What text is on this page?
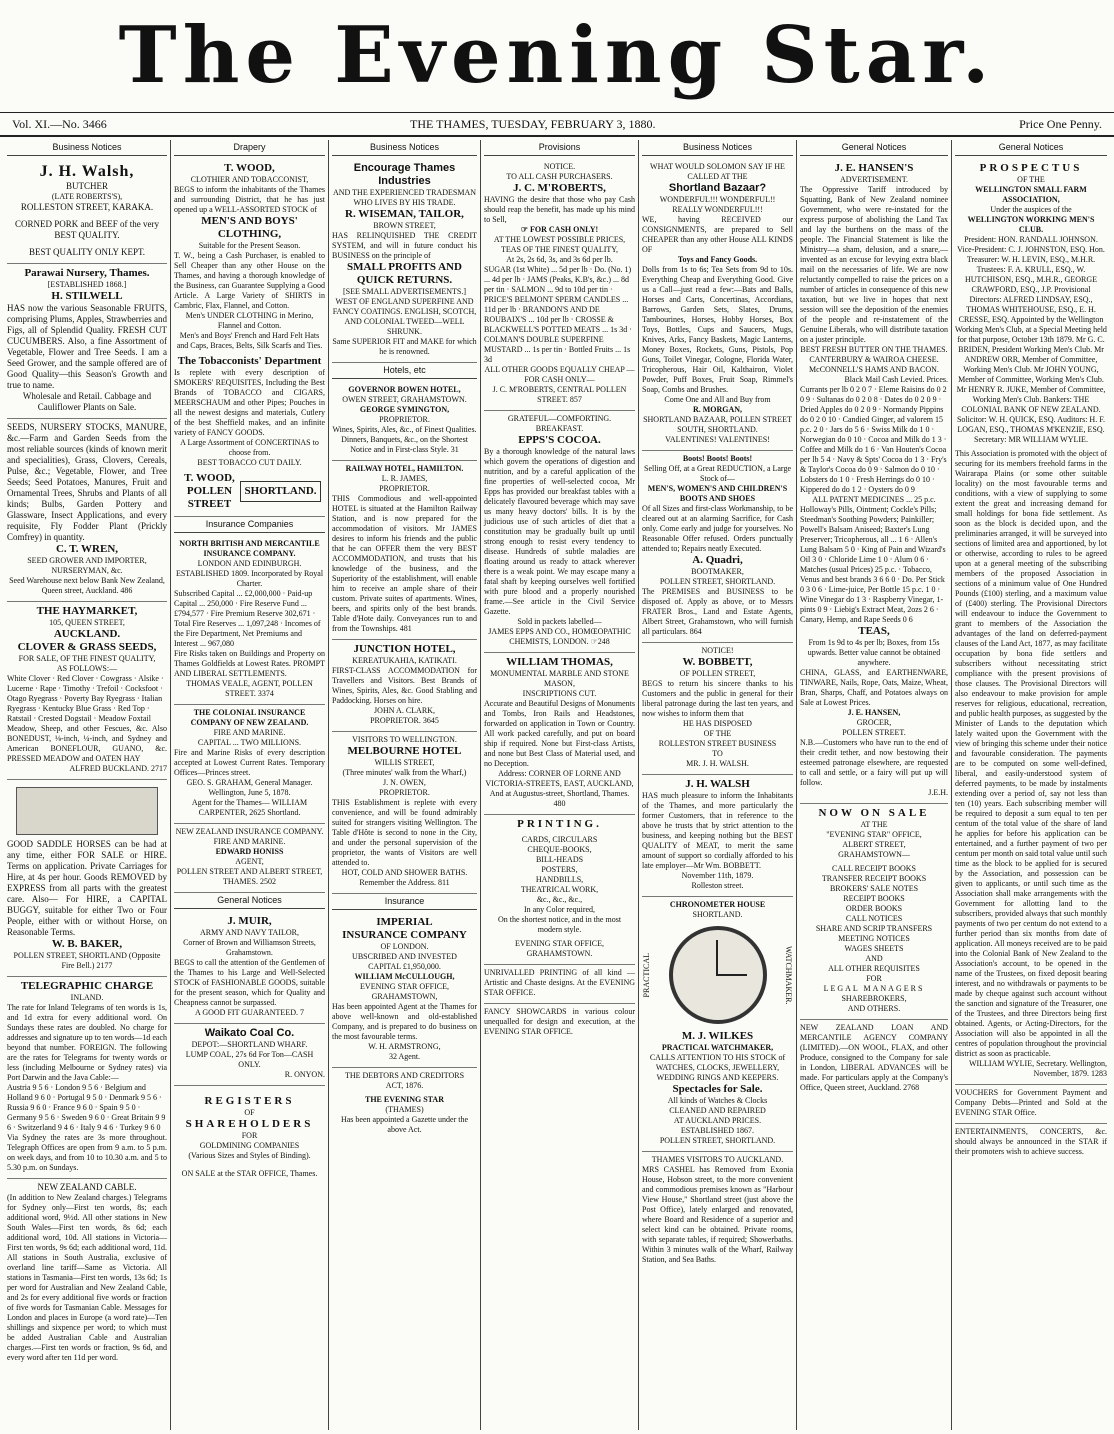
The Evening Star.
Vol. XI.—No. 3466	THE THAMES, TUESDAY, FEBRUARY 3, 1880.	Price One Penny.
Business Notices
J. H. Walsh,
BUTCHER
(LATE ROBERTS'S),
ROLLESTON STREET, KARAKA.
CORNED PORK and BEEF of the very BEST QUALITY.
BEST QUALITY ONLY KEPT.
Parawai Nursery, Thames.
[ESTABLISHED 1868.]
H. STILWELL
HAS now the various Seasonable FRUITS, comprising Plums, Apples, Strawberries and Figs, all of Splendid Quality. FRESH CUT CUCUMBERS. Also, a fine Assortment of Vegetable, Flower and Tree Seeds. I am a Seed Grower, and the sample offered are of Good Quality—this Season's Growth and true to name.
Wholesale and Retail. Cabbage and Cauliflower Plants on Sale.
SEEDS, NURSERY STOCKS, MANURE, &c.—Farm and Garden Seeds from the most reliable sources (kinds of known merit and specialities), Grass, Clovers, Cereals, Pulse, &c.; Vegetable, Flower, and Tree Seeds; Seed Potatoes, Manures, Fruit and Ornamental Trees, Shrubs and Plants of all kinds; Bulbs, Garden Pottery and Glassware, Insect Applications, and every requisite, Fly Fodder Plant (Prickly Comfrey) in quantity.
C. T. WREN,
SEED GROWER AND IMPORTER, NURSERYMAN, &c.
Seed Warehouse next below Bank New Zealand, Queen street, Auckland. 486
THE HAYMARKET,
105, QUEEN STREET,
AUCKLAND.
CLOVER & GRASS SEEDS,
FOR SALE, OF THE FINEST QUALITY,
AS FOLLOWS:—
White Clover · Red Clover · Cowgrass · Alsike · Lucerne · Rape · Timothy · Trefoil · Cocksfoot · Otago Ryegrass · Poverty Bay Ryegrass · Italian Ryegrass · Kentucky Blue Grass · Red Top · Ratstail · Crested Dogstail · Meadow Foxtail
Meadow, Sheep, and other Fescues, &c. Also BONEDUST, ⅛-inch, ¼-inch, and Sydney and American BONEFLOUR, GUANO, &c. PRESSED MEADOW and OATEN HAY
ALFRED BUCKLAND. 2717
GOOD SADDLE HORSES can be had at any time, either FOR SALE or HIRE. Terms on application. Private Carriages for Hire, at 4s per hour. Goods REMOVED by EXPRESS from all parts with the greatest care. Also— For HIRE, a CAPITAL BUGGY, suitable for either Two or Four People, either with or without Horse, on Reasonable Terms.
W. B. BAKER,
POLLEN STREET, SHORTLAND (Opposite Fire Bell.) 2177
TELEGRAPHIC CHARGE
INLAND.
The rate for Inland Telegrams of ten words is 1s, and 1d extra for every additional word. On Sundays these rates are doubled. No charge for addresses and signature up to ten words—1d each beyond that number. FOREIGN. The following are the rates for Telegrams for twenty words or less (including Melbourne or Sydney rates) via Port Darwin and the Java Cable:—
Austria 9 5 6 · London 9 5 6 · Belgium and Holland 9 6 0 · Portugal 9 5 0 · Denmark 9 5 6 · Russia 9 6 0 · France 9 6 0 · Spain 9 5 0 · Germany 9 5 6 · Sweden 9 6 0 · Great Britain 9 9 6 · Switzerland 9 4 6 · Italy 9 4 6 · Turkey 9 6 0
Via Sydney the rates are 3s more throughout. Telegraph Offices are open from 9 a.m. to 5 p.m. on week days, and from 10 to 10.30 a.m. and 5 to 5.30 p.m. on Sundays.
NEW ZEALAND CABLE.
(In addition to New Zealand charges.) Telegrams for Sydney only—First ten words, 8s; each additional word, 9½d. All other stations in New South Wales—First ten words, 8s 6d; each additional word, 10d. All stations in Victoria—First ten words, 9s 6d; each additional word, 11d. All stations in South Australia, exclusive of overland line tariff—Same as Victoria. All stations in Tasmania—First ten words, 13s 6d; 1s per word for Australian and New Zealand Cable, and 2s for every additional five words or fraction of five words for Tasmanian Cable. Messages for London and places in Europe (a word rate)—Ten shillings and sixpence per word; to which must be added Australian Cable and Australian charges.—First ten words or fraction, 9s 6d, and every word after ten 11d per word.
Drapery
T. WOOD,
CLOTHIER AND TOBACCONIST,
BEGS to inform the inhabitants of the Thames and surrounding District, that he has just opened up a WELL-ASSORTED STOCK of
MEN'S AND BOYS' CLOTHING,
Suitable for the Present Season.
T. W., being a Cash Purchaser, is enabled to Sell Cheaper than any other House on the Thames, and having a thorough knowledge of the Business, can Guarantee Supplying a Good Article. A Large Variety of SHIRTS in Cambric, Flax, Flannel, and Cotton.
Men's UNDER CLOTHING in Merino, Flannel and Cotton.
Men's and Boys' French and Hard Felt Hats and Caps, Braces, Belts, Silk Scarfs and Ties.
The Tobacconists' Department
Is replete with every description of SMOKERS' REQUISITES, Including the Best Brands of TOBACCO and CIGARS, MEERSCHAUM and other Pipes; Pouches in all the newest designs and materials, Cutlery of the best Sheffield makes, and an infinite variety of FANCY GOODS.
A Large Assortment of CONCERTINAS to choose from.
BEST TOBACCO CUT DAILY.
T. WOOD, POLLEN STREET
SHORTLAND.
Insurance Companies
NORTH BRITISH AND MERCANTILE INSURANCE COMPANY.
LONDON AND EDINBURGH.
ESTABLISHED 1809. Incorporated by Royal Charter.
Subscribed Capital ... £2,000,000 · Paid-up Capital ... 250,000 · Fire Reserve Fund ... £794,577 · Fire Premium Reserve 302,671 · Total Fire Reserves ... 1,097,248 · Incomes of the Fire Department, Net Premiums and Interest ... 967,080
Fire Risks taken on Buildings and Property on Thames Goldfields at Lowest Rates. PROMPT AND LIBERAL SETTLEMENTS.
THOMAS VEALE, AGENT, POLLEN STREET. 3374
THE COLONIAL INSURANCE COMPANY OF NEW ZEALAND.
FIRE AND MARINE.
CAPITAL ... TWO MILLIONS.
Fire and Marine Risks of every description accepted at Lowest Current Rates. Temporary Offices—Princes street.
GEO. S. GRAHAM, General Manager. Wellington, June 5, 1878.
Agent for the Thames— WILLIAM CARPENTER, 2625 Shortland.
NEW ZEALAND INSURANCE COMPANY.
FIRE AND MARINE.
EDWARD HONISS
AGENT,
POLLEN STREET AND ALBERT STREET, THAMES. 2502
General Notices
J. MUIR,
ARMY AND NAVY TAILOR,
Corner of Brown and Williamson Streets, Grahamstown.
BEGS to call the attention of the Gentlemen of the Thames to his Large and Well-Selected STOCK of FASHIONABLE GOODS, suitable for the present season, which for Quality and Cheapness cannot be surpassed.
A GOOD FIT GUARANTEED. 7
Waikato Coal Co.
DEPOT:—SHORTLAND WHARF.
LUMP COAL, 27s 6d For Ton—CASH ONLY.
R. ONYON.
REGISTERS
OF
SHAREHOLDERS
FOR
GOLDMINING COMPANIES
(Various Sizes and Styles of Binding).
ON SALE at the STAR OFFICE, Thames.
Business Notices
Encourage Thames Industries
AND THE EXPERIENCED TRADESMAN
WHO LIVES BY HIS TRADE.
R. WISEMAN, TAILOR,
BROWN STREET,
HAS RELINQUISHED THE CREDIT SYSTEM, and will in future conduct his BUSINESS on the principle of
SMALL PROFITS AND QUICK RETURNS.
[SEE SMALL ADVERTISEMENTS.]
WEST OF ENGLAND SUPERFINE AND FANCY COATINGS. ENGLISH, SCOTCH, AND COLONIAL TWEED—WELL SHRUNK.
Same SUPERIOR FIT and MAKE for which he is renowned.
Hotels, etc
GOVERNOR BOWEN HOTEL,
OWEN STREET, GRAHAMSTOWN.
GEORGE SYMINGTON,
PROPRIETOR.
Wines, Spirits, Ales, &c., of Finest Qualities.
Dinners, Banquets, &c., on the Shortest Notice and in First-class Style. 31
RAILWAY HOTEL, HAMILTON.
L. R. JAMES,
PROPRIETOR.
THIS Commodious and well-appointed HOTEL is situated at the Hamilton Railway Station, and is now prepared for the accommodation of visitors. Mr JAMES desires to inform his friends and the public that he can OFFER them the very BEST ACCOMMODATION, and trusts that his knowledge of the business, and the Superiority of the establishment, will enable him to receive an ample share of their custom. Private suites of apartments. Wines, beers, and spirits only of the best brands. Table d'Hote daily. Conveyances run to and from the Townships. 481
JUNCTION HOTEL,
KEREATUKAHIA, KATIKATI.
FIRST-CLASS ACCOMMODATION for Travellers and Visitors. Best Brands of Wines, Spirits, Ales, &c. Good Stabling and Paddocking. Horses on hire.
JOHN A. CLARK,
PROPRIETOR. 3645
VISITORS TO WELLINGTON.
MELBOURNE HOTEL
WILLIS STREET,
(Three minutes' walk from the Wharf,)
J. N. OWEN,
PROPRIETOR.
THIS Establishment is replete with every convenience, and will be found admirably suited for strangers visiting Wellington. The Table d'Hôte is second to none in the City, and under the personal supervision of the proprietor, the wants of Visitors are well attended to.
HOT, COLD AND SHOWER BATHS. Remember the Address. 811
Insurance
IMPERIAL
INSURANCE COMPANY
OF LONDON.
UBSCRIBED AND INVESTED
CAPITAL £1,950,000.
WILLIAM McCULLOUGH,
EVENING STAR OFFICE,
GRAHAMSTOWN,
Has been appointed Agent at the Thames for above well-known and old-established Company, and is prepared to do business on the most favourable terms.
W. H. ARMSTRONG,
32 Agent.
THE DEBTORS AND CREDITORS
ACT, 1876.
THE EVENING STAR
(THAMES)
Has been appointed a Gazette under the above Act.
Provisions
NOTICE.
TO ALL CASH PURCHASERS.
J. C. M'ROBERTS,
HAVING the desire that those who pay Cash should reap the benefit, has made up his mind to Sell,
☞ FOR CASH ONLY!
AT THE LOWEST POSSIBLE PRICES,
TEAS OF THE FINEST QUALITY,
At 2s, 2s 6d, 3s, and 3s 6d per lb.
SUGAR (1st White) ... 5d per lb · Do. (No. 1) ... 4d per lb · JAMS (Peaks, K.B's, &c.) ... 8d per tin · SALMON ... 9d to 10d per tin · PRICE'S BELMONT SPERM CANDLES ... 11d per lb · BRANDON'S AND DE ROUBAIX'S ... 10d per lb · CROSSE & BLACKWELL'S POTTED MEATS ... 1s 3d · COLMAN'S DOUBLE SUPERFINE MUSTARD ... 1s per tin · Bottled Fruits ... 1s 3d
ALL OTHER GOODS EQUALLY CHEAP —FOR CASH ONLY—
J. C. M'ROBERTS, CENTRAL POLLEN STREET. 857
GRATEFUL—COMFORTING.
BREAKFAST.
EPPS'S COCOA.
By a thorough knowledge of the natural laws which govern the operations of digestion and nutrition, and by a careful application of the fine properties of well-selected cocoa, Mr Epps has provided our breakfast tables with a delicately flavoured beverage which may save us many heavy doctors' bills. It is by the judicious use of such articles of diet that a constitution may be gradually built up until strong enough to resist every tendency to disease. Hundreds of subtle maladies are floating around us ready to attack wherever there is a weak point. We may escape many a fatal shaft by keeping ourselves well fortified with pure blood and a properly nourished frame.—See article in the Civil Service Gazette.
Sold in packets labelled—
JAMES EPPS AND CO., HOMŒOPATHIC CHEMISTS, LONDON. ☞248
WILLIAM THOMAS,
MONUMENTAL MARBLE AND STONE MASON,
INSCRIPTIONS CUT.
Accurate and Beautiful Designs of Monuments and Tombs, Iron Rails and Headstones, forwarded on application in Town or Country. All work packed carefully, and put on board ship if required. None but First-class Artists, and none but Best Class of Material used, and no Deception.
Address: CORNER OF LORNE AND VICTORIA-STREETS, EAST, AUCKLAND, And at Augustus-street, Shortland, Thames. 480
PRINTING.
CARDS, CIRCULARS
CHEQUE-BOOKS,
BILL-HEADS
POSTERS,
HANDBILLS,
THEATRICAL WORK,
&c., &c., &c.,
In any Color required,
On the shortest notice, and in the most
modern style.
EVENING STAR OFFICE,
GRAHAMSTOWN.
UNRIVALLED PRINTING of all kind —Artistic and Chaste designs. At the EVENING STAR OFFICE.
FANCY SHOWCARDS in various colour unequalled for design and execution, at the EVENING STAR OFFICE.
Business Notices
WHAT WOULD SOLOMON SAY IF HE CALLED AT THE
Shortland Bazaar?
WONDERFUL!!! WONDERFUL!!
REALLY WONDERFUL!!!
WE, having RECEIVED our CONSIGNMENTS, are prepared to Sell CHEAPER than any other House ALL KINDS OF
Toys and Fancy Goods.
Dolls from 1s to 6s; Tea Sets from 9d to 10s. Everything Cheap and Everything Good. Give us a Call—just read a few:—Bats and Balls, Horses and Carts, Concertinas, Accordians, Barrows, Garden Sets, Slates, Drums, Tambourines, Horses, Hobby Horses, Box Toys, Bottles, Cups and Saucers, Mugs, Knives, Arks, Fancy Baskets, Magic Lanterns, Money Boxes, Rockets, Guns, Pistols, Pop Guns, Toilet Vinegar, Cologne, Florida Water, Tricopherous, Hair Oil, Kalthairon, Violet Powder, Puff Boxes, Fruit Soap, Rimmel's Soap, Combs and Brushes.
Come One and All and Buy from
R. MORGAN,
SHORTLAND BAZAAR, POLLEN STREET SOUTH, SHORTLAND.
VALENTINES! VALENTINES!
Boots! Boots! Boots!
Selling Off, at a Great REDUCTION, a Large Stock of—
MEN'S, WOMEN'S AND CHILDREN'S BOOTS AND SHOES
Of all Sizes and first-class Workmanship, to be cleared out at an alarming Sacrifice, for Cash only. Come early and judge for yourselves. No Reasonable Offer refused. Orders punctually attended to; Repairs neatly Executed.
A. Quadri,
BOOTMAKER,
POLLEN STREET, SHORTLAND.
The PREMISES and BUSINESS to be disposed of. Apply as above, or to Messrs FRATER Bros., Land and Estate Agents, Albert Street, Grahamstown, who will furnish all particulars. 864
NOTICE!
W. BOBBETT,
OF POLLEN STREET,
BEGS to return his sincere thanks to his Customers and the public in general for their liberal patronage during the last ten years, and now wishes to inform them that
HE HAS DISPOSED
OF THE
ROLLESTON STREET BUSINESS
TO
MR. J. H. WALSH.
J. H. WALSH
HAS much pleasure to inform the Inhabitants of the Thames, and more particularly the former Customers, that in reference to the above he trusts that by strict attention to the business, and keeping nothing but the BEST QUALITY of MEAT, to merit the same amount of support so cordially afforded to his late employer—Mr Wm. BOBBETT.
November 11th, 1879.
Rolleston street.
CHRONOMETER HOUSE
SHORTLAND.
PRACTICAL	WATCHMAKER.
M. J. WILKES
PRACTICAL WATCHMAKER,
CALLS ATTENTION TO HIS STOCK of WATCHES, CLOCKS, JEWELLERY, WEDDING RINGS AND KEEPERS.
Spectacles for Sale.
All kinds of Watches & Clocks
CLEANED AND REPAIRED
AT AUCKLAND PRICES.
ESTABLISHED 1867.
POLLEN STREET, SHORTLAND.
THAMES VISITORS TO AUCKLAND.
MRS CASHEL has Removed from Exonia House, Hobson street, to the more convenient and commodious premises known as "Harbour View House," Shortland street (just above the Post Office), lately enlarged and renovated, where Board and Residence of a superior and select kind can be obtained. Private rooms, with separate tables, if required; Showerbaths. Within 3 minutes walk of the Wharf, Railway Station, and Sea Baths.
General Notices
J. E. HANSEN'S
ADVERTISEMENT.
The Oppressive Tariff introduced by Squatting, Bank of New Zealand nominee Government, who were re-instated for the express purpose of abolishing the Land Tax and lay the burthens on the mass of the people. The Financial Statement is like the Ministry—a sham, delusion, and a snare,—invented as an excuse for levying extra black mail on the necessaries of life. We are now reluctantly compelled to raise the prices on a number of articles in consequence of this new taxation, but we live in hopes that next session will see the deposition of the enemies of the people and re-instatement of the Genuine Liberals, who will distribute taxation on a juster principle.
BEST FRESH BUTTER ON THE THAMES. CANTERBURY & WAIROA CHEESE. McCONNELL'S HAMS AND BACON.
Black Mail Cash Levied. Prices.
Currants per lb 0 2 0 7 · Eleme Raisins do 0 2 0 9 · Sultanas do 0 2 0 8 · Dates do 0 2 0 9 · Dried Apples do 0 2 0 9 · Normandy Pippins do 0 2 0 10 · Candied Ginger, ad valorem 15 p.c. 2 0 · Jars do 5 6 · Swiss Milk do 1 0 · Norwegian do 0 10 · Cocoa and Milk do 1 3 · Coffee and Milk do 1 6 · Van Houten's Cocoa per lb 5 4 · Navy & Spts' Cocoa do 1 3 · Fry's & Taylor's Cocoa do 0 9 · Salmon do 0 10 · Lobsters do 1 0 · Fresh Herrings do 0 10 · Kippered do do 1 2 · Oysters do 0 9
ALL PATENT MEDICINES ... 25 p.c.
Holloway's Pills, Ointment; Cockle's Pills; Steedman's Soothing Powders; Painkiller; Powell's Balsam Aniseed; Baxter's Lung Preserver; Tricopherous, all ... 1 6 · Allen's Lung Balsam 5 0 · King of Pain and Wizard's Oil 3 0 · Chloride Lime 1 0 · Alum 0 6 · Matches (usual Prices) 25 p.c. · Tobacco, Venus and best brands 3 6 6 0 · Do. Per Stick 0 3 0 6 · Lime-juice, Per Bottle 15 p.c. 1 0 · Wine Vinegar do 1 3 · Raspberry Vinegar, 1-pints 0 9 · Liebig's Extract Meat, 2ozs 2 6 · Canary, Hemp, and Rape Seeds 0 6
TEAS,
From 1s 9d to 4s per lb; Boxes, from 15s upwards. Better value cannot be obtained anywhere.
CHINA, GLASS, and EARTHENWARE, TINWARE, Nails, Rope, Oats, Maize, Wheat, Bran, Sharps, Chaff, and Potatoes always on Sale at Lowest Prices.
J. E. HANSEN,
GROCER,
POLLEN STREET.
N.B.—Customers who have run to the end of their credit tether, and now bestowing their esteemed patronage elsewhere, are requested to call and settle, or a fairy will put up will follow.
J.E.H.
NOW ON SALE
AT THE
"EVENING STAR" OFFICE,
ALBERT STREET,
GRAHAMSTOWN—
CALL RECEIPT BOOKS
TRANSFER RECEIPT BOOKS
BROKERS' SALE NOTES
RECEIPT BOOKS
ORDER BOOKS
CALL NOTICES
SHARE AND SCRIP TRANSFERS
MEETING NOTICES
WAGES SHEETS
AND
ALL OTHER REQUISITES
FOR
LEGAL MANAGERS
SHAREBROKERS,
AND OTHERS.
NEW ZEALAND LOAN AND MERCANTILE AGENCY COMPANY (LIMITED).—ON WOOL, FLAX, and other Produce, consigned to the Company for sale in London, LIBERAL ADVANCES will be made. For particulars apply at the Company's Office, Queen street, Auckland. 2768
General Notices
PROSPECTUS
OF THE
WELLINGTON SMALL FARM ASSOCIATION,
Under the auspices of the
WELLINGTON WORKING MEN'S CLUB.
President: HON. RANDALL JOHNSON. Vice-President: C. J. JOHNSTON, ESQ. Hon. Treasurer: W. H. LEVIN, ESQ., M.H.R. Trustees: F. A. KRULL, ESQ., W. HUTCHISON, ESQ., M.H.R., GEORGE CRAWFORD, ESQ., J.P. Provisional Directors: ALFRED LINDSAY, ESQ., THOMAS WHITEHOUSE, ESQ., E. H. CRESSE, ESQ. Appointed by the Wellington Working Men's Club, at a Special Meeting held for that purpose, October 13th 1879. Mr G. C. BRIDEN, President Working Men's Club. Mr ANDREW ORR, Member of Committee, Working Men's Club. Mr JOHN YOUNG, Member of Committee, Working Men's Club. Mr HENRY R. JUKE, Member of Committee, Working Men's Club. Bankers: THE COLONIAL BANK OF NEW ZEALAND. Solicitor: W. H. QUICK, ESQ. Auditors: H. F. LOGAN, ESQ., THOMAS M'KENZIE, ESQ. Secretary: MR WILLIAM WYLIE.
This Association is promoted with the object of securing for its members freehold farms in the Wairarapa Plains (or some other suitable locality) on the most favourable terms and conditions, with a view of supplying to some extent the great and increasing demand for small holdings for bona fide settlement. As soon as the block is decided upon, and the preliminaries arranged, it will be surveyed into sections of limited area and apportioned, by lot or otherwise, according to rules to be agreed upon at a general meeting of the subscribing members of the proposed Association in sections of a minimum value of One Hundred Pounds (£100) sterling, and a maximum value of (£400) sterling. The Provisional Directors will endeavour to induce the Government to grant to members of the Association the advantages of the land on deferred-payment clauses of the Land Act, 1877, as may facilitate occupation by bona fide settlers and subscribers without necessitating strict compliance with the present provisions of those clauses. The Provisional Directors will also endeavour to make provision for ample reserves for religious, educational, recreation, and public health purposes, as suggested by the Minister of Lands to the deputation which lately waited upon the Government with the view of bringing this scheme under their notice and favourable consideration. The payments are to be computed on some well-defined, liberal, and easily-understood system of deferred payments, to be made by instalments extending over a period of, say not less than ten (10) years. Each subscribing member will be required to deposit a sum equal to ten per centum of the total value of the share of land he applies for before his application can be entertained, and a further payment of two per centum per month on said total value until such time as the block to be applied for is secured by the Association, and possession can be given to applicants, or until such time as the Association shall make arrangements with the Government for allotting land to the subscribers, provided always that such monthly payments of two per centum do not extend to a further period than six months from date of application. All moneys received are to be paid into the Colonial Bank of New Zealand to the Association's account, to be opened in the name of the Trustees, on fixed deposit bearing interest, and no withdrawals or payments to be made by cheque against such account without the sanction and signature of the Treasurer, one of the Trustees, and three Directors being first obtained. Agents, or Acting-Directors, for the Association will also be appointed in all the centres of population throughout the provincial district as soon as practicable.
WILLIAM WYLIE, Secretary. Wellington, November, 1879. 1283
VOUCHERS for Government Payment and Company Debts—Printed and Sold at the EVENING STAR Office.
ENTERTAINMENTS, CONCERTS, &c. should always be announced in the STAR if their promoters wish to achieve success.
